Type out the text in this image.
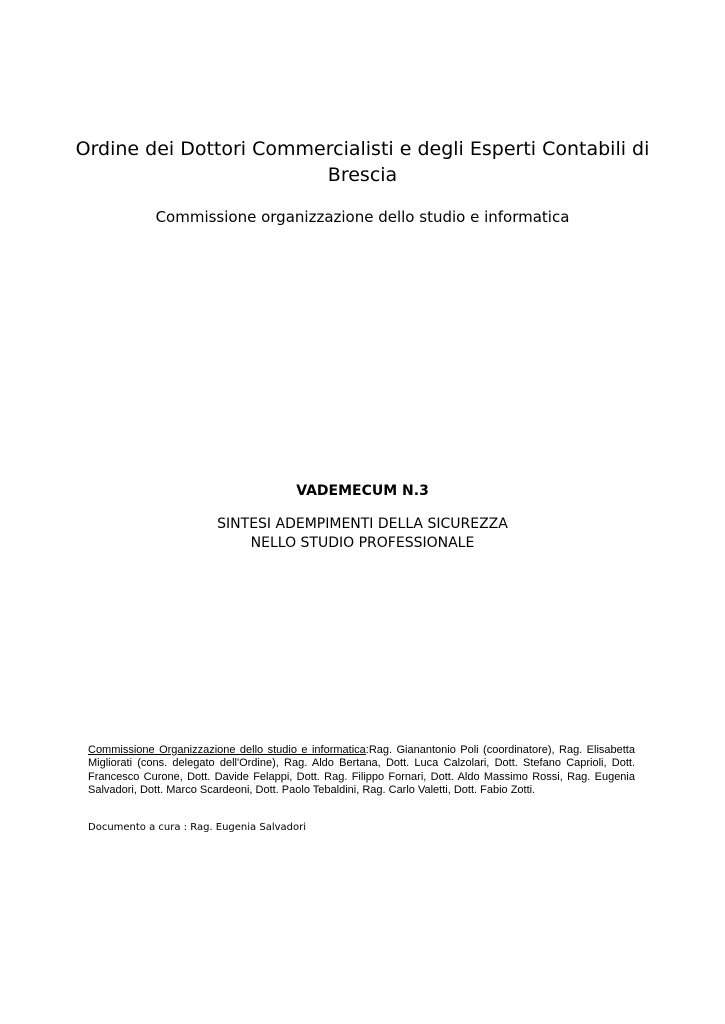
Ordine dei Dottori Commercialisti e degli Esperti Contabili di
Brescia
Commissione organizzazione dello studio e informatica
VADEMECUM N.3
SINTESI ADEMPIMENTI DELLA SICUREZZA
NELLO STUDIO PROFESSIONALE

Commissione Organizzazione dello studio e informatica:Rag. Gianantonio Poli (coordinatore), Rag. Elisabetta Migliorati (cons. delegato dell'Ordine), Rag. Aldo Bertana, Dott. Luca Calzolari, Dott. Stefano Caprioli, Dott. Francesco Curone, Dott. Davide Felappi, Dott. Rag. Filippo Fornari, Dott. Aldo Massimo Rossi, Rag. Eugenia Salvadori, Dott. Marco Scardeoni, Dott. Paolo Tebaldini, Rag. Carlo Valetti, Dott. Fabio Zotti.

Documento a cura : Rag. Eugenia Salvadori
